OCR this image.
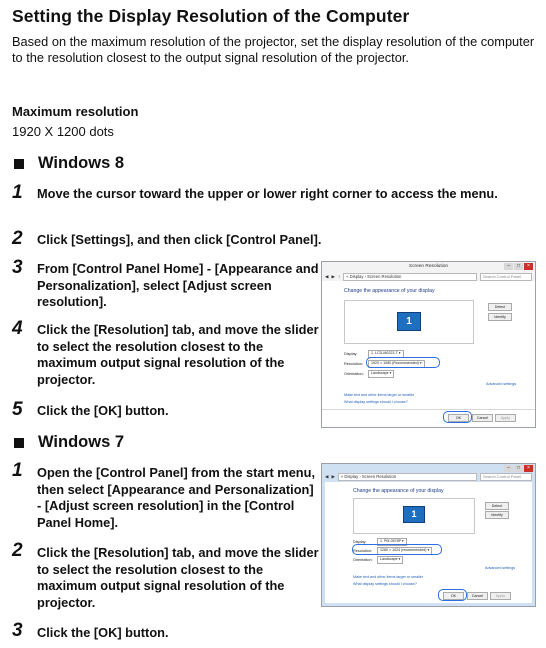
Setting the Display Resolution of the Computer
Based on the maximum resolution of the projector, set the display resolution of the computer to the resolution closest to the output signal resolution of the projector.
Maximum resolution
1920 X 1200 dots
Windows 8
1 Move the cursor toward the upper or lower right corner to access the menu.
2 Click [Settings], and then click [Control Panel].
3 From [Control Panel Home] - [Appearance and Personalization], select [Adjust screen resolution].
4 Click the [Resolution] tab, and move the slider to select the resolution closest to the maximum output signal resolution of the projector.
5 Click the [OK] button.
Screen Resolution	–	□	×
◀ ▶ ↑	« Display › Screen Resolution	Search Control Panel
Change the appearance of your display
1
Detect
Identify
Display:	1. LCD-M0223-T ▾
Resolution:	1920 × 1080 (Recommended) ▾
Orientation:	Landscape ▾
Advanced settings
Make text and other items larger or smaller
What display settings should I choose?
OK	Cancel	Apply
Windows 7
1 Open the [Control Panel] from the start menu, then select [Appearance and Personalization] - [Adjust screen resolution] in the [Control Panel Home].
2 Click the [Resolution] tab, and move the slider to select the resolution closest to the maximum output signal resolution of the projector.
3 Click the [OK] button.
–	□	×
◀ ▶	« Display › Screen Resolution	Search Control Panel
Change the appearance of your display
1
Detect
Identify
Display:	1. PM-0578P ▾
Resolution:	1280 × 1024 (recommended) ▾
Orientation:	Landscape ▾
Advanced settings
Make text and other items larger or smaller
What display settings should I choose?
OK	Cancel	Apply
